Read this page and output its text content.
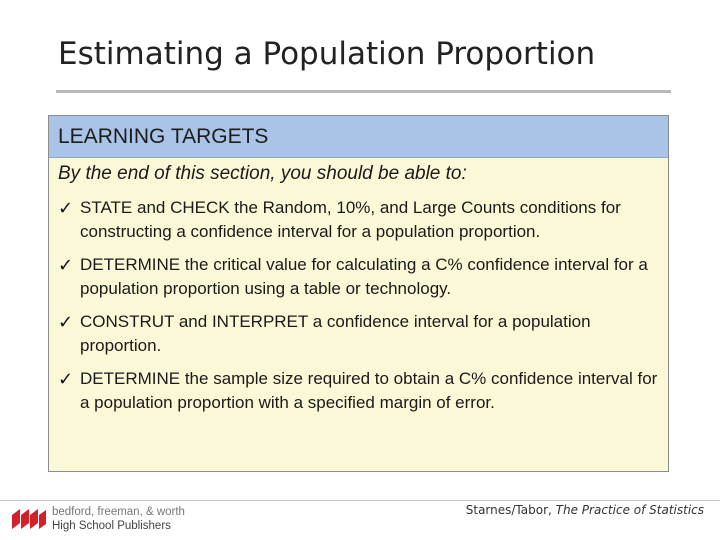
Estimating a Population Proportion
LEARNING TARGETS
By the end of this section, you should be able to:
✓ STATE and CHECK the Random, 10%, and Large Counts conditions for constructing a confidence interval for a population proportion.
✓ DETERMINE the critical value for calculating a C% confidence interval for a population proportion using a table or technology.
✓ CONSTRUT and INTERPRET a confidence interval for a population proportion.
✓ DETERMINE the sample size required to obtain a C% confidence interval for a population proportion with a specified margin of error.
bedford, freeman, & worth
High School Publishers
Starnes/Tabor, The Practice of Statistics
